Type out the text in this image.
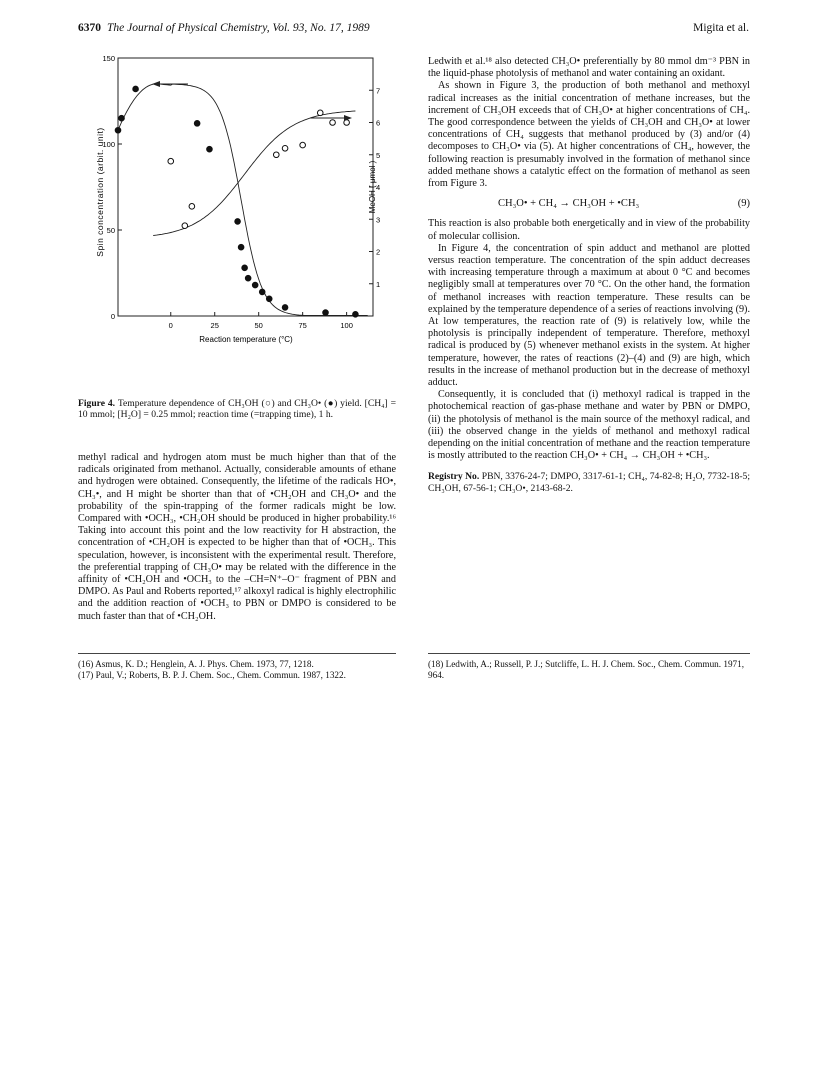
6370 The Journal of Physical Chemistry, Vol. 93, No. 17, 1989	Migita et al.
0	25	50	75	100
0
50
100
150
1
2
3
4
5
6
7
Reaction temperature (°C)
Spin concentration (arbit. unit)	MeOH ( μmol )
Figure 4. Temperature dependence of CH₃OH (○) and CH₃O• (●) yield. [CH₄] = 10 mmol; [H₂O] = 0.25 mmol; reaction time (=trapping time), 1 h.

methyl radical and hydrogen atom must be much higher than that of the radicals originated from methanol. Actually, considerable amounts of ethane and hydrogen were obtained. Consequently, the lifetime of the radicals HO•, CH₃•, and H might be shorter than that of •CH₂OH and CH₃O• and the probability of the spin-trapping of the former radicals might be low. Compared with •OCH₃, •CH₂OH should be produced in higher probability.¹⁶ Taking into account this point and the low reactivity for H abstraction, the concentration of •CH₂OH is expected to be higher than that of •OCH₃. This speculation, however, is inconsistent with the experimental result. Therefore, the preferential trapping of CH₃O• may be related with the difference in the affinity of •CH₂OH and •OCH₃ to the –CH=N⁺–O⁻ fragment of PBN and DMPO. As Paul and Roberts reported,¹⁷ alkoxyl radical is highly electrophilic and the addition reaction of •OCH₃ to PBN or DMPO is considered to be much faster than that of •CH₂OH.

Ledwith et al.¹⁸ also detected CH₃O• preferentially by 80 mmol dm⁻³ PBN in the liquid-phase photolysis of methanol and water containing an oxidant.

As shown in Figure 3, the production of both methanol and methoxyl radical increases as the initial concentration of methane increases, but the increment of CH₃OH exceeds that of CH₃O• at higher concentrations of CH₄. The good correspondence between the yields of CH₃OH and CH₃O• at lower concentrations of CH₄ suggests that methanol produced by (3) and/or (4) decomposes to CH₃O• via (5). At higher concentrations of CH₄, however, the following reaction is presumably involved in the formation of methanol since added methane shows a catalytic effect on the formation of methanol as seen from Figure 3.

CH₃O• + CH₄ → CH₃OH + •CH₃	(9)

This reaction is also probable both energetically and in view of the probability of molecular collision.

In Figure 4, the concentration of spin adduct and methanol are plotted versus reaction temperature. The concentration of the spin adduct decreases with increasing temperature through a maximum at about 0 °C and becomes negligibly small at temperatures over 70 °C. On the other hand, the formation of methanol increases with reaction temperature. These results can be explained by the temperature dependence of a series of reactions involving (9). At low temperatures, the reaction rate of (9) is relatively low, while the photolysis is principally independent of temperature. Therefore, methoxyl radical is produced by (5) whenever methanol exists in the system. At higher temperature, however, the rates of reactions (2)–(4) and (9) are high, which results in the increase of methanol production but in the decrease of methoxyl adduct.

Consequently, it is concluded that (i) methoxyl radical is trapped in the photochemical reaction of gas-phase methane and water by PBN or DMPO, (ii) the photolysis of methanol is the main source of the methoxyl radical, and (iii) the observed change in the yields of methanol and methoxyl radical depending on the initial concentration of methane and the reaction temperature is mostly attributed to the reaction CH₃O• + CH₄ → CH₃OH + •CH₃.

Registry No. PBN, 3376-24-7; DMPO, 3317-61-1; CH₄, 74-82-8; H₂O, 7732-18-5; CH₃OH, 67-56-1; CH₃O•, 2143-68-2.

(16) Asmus, K. D.; Henglein, A. J. Phys. Chem. 1973, 77, 1218.
(17) Paul, V.; Roberts, B. P. J. Chem. Soc., Chem. Commun. 1987, 1322.
(18) Ledwith, A.; Russell, P. J.; Sutcliffe, L. H. J. Chem. Soc., Chem. Commun. 1971, 964.
